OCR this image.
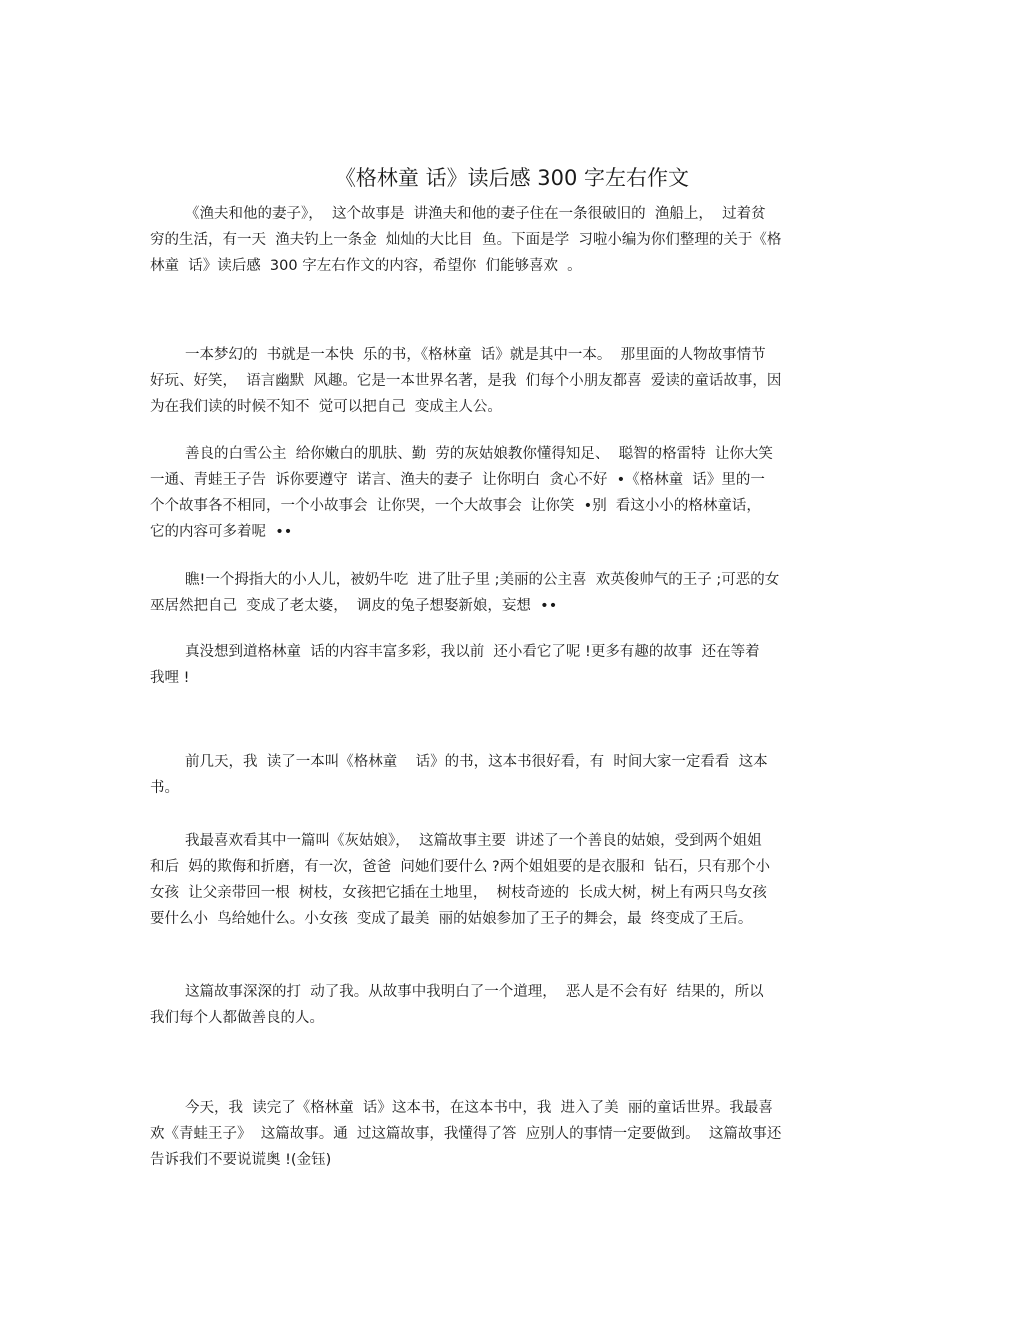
《格林童 话》读后感 300 字左右作文
《渔夫和他的妻子》，  这个故事是  讲渔夫和他的妻子住在一条很破旧的  渔船上，  过着贫
穷的生活，有一天  渔夫钓上一条金  灿灿的大比目  鱼。下面是学  习啦小编为你们整理的关于《格
林童  话》读后感  300 字左右作文的内容，希望你  们能够喜欢  。
一本梦幻的  书就是一本快  乐的书，《格林童  话》就是其中一本。  那里面的人物故事情节
好玩、好笑，  语言幽默  风趣。它是一本世界名著，是我  们每个小朋友都喜  爱读的童话故事，因
为在我们读的时候不知不  觉可以把自己  变成主人公。
善良的白雪公主  给你嫩白的肌肤、勤  劳的灰姑娘教你懂得知足、  聪智的格雷特  让你大笑
一通、青蛙王子告  诉你要遵守  诺言、渔夫的妻子  让你明白  贪心不好  •《格林童  话》里的一
个个故事各不相同，一个小故事会  让你哭，一个大故事会  让你笑  •别  看这小小的格林童话，
它的内容可多着呢  ••
瞧!一个拇指大的小人儿，被奶牛吃  进了肚子里 ;美丽的公主喜  欢英俊帅气的王子 ;可恶的女
巫居然把自己  变成了老太婆，  调皮的兔子想娶新娘，妄想  ••
真没想到道格林童  话的内容丰富多彩，我以前  还小看它了呢 !更多有趣的故事  还在等着
我哩 !
前几天，我  读了一本叫《格林童    话》的书，这本书很好看，有  时间大家一定看看  这本
书。
我最喜欢看其中一篇叫《灰姑娘》，  这篇故事主要  讲述了一个善良的姑娘，受到两个姐姐
和后  妈的欺侮和折磨，有一次，爸爸  问她们要什么 ?两个姐姐要的是衣服和  钻石，只有那个小
女孩  让父亲带回一根  树枝，女孩把它插在土地里，  树枝奇迹的  长成大树，树上有两只鸟女孩
要什么小  鸟给她什么。小女孩  变成了最美  丽的姑娘参加了王子的舞会，最  终变成了王后。
这篇故事深深的打  动了我。从故事中我明白了一个道理，  恶人是不会有好  结果的，所以
我们每个人都做善良的人。
今天，我  读完了《格林童  话》这本书，在这本书中，我  进入了美  丽的童话世界。我最喜
欢《青蛙王子》  这篇故事。通  过这篇故事，我懂得了答  应别人的事情一定要做到。  这篇故事还
告诉我们不要说谎奥 !(金钰)
